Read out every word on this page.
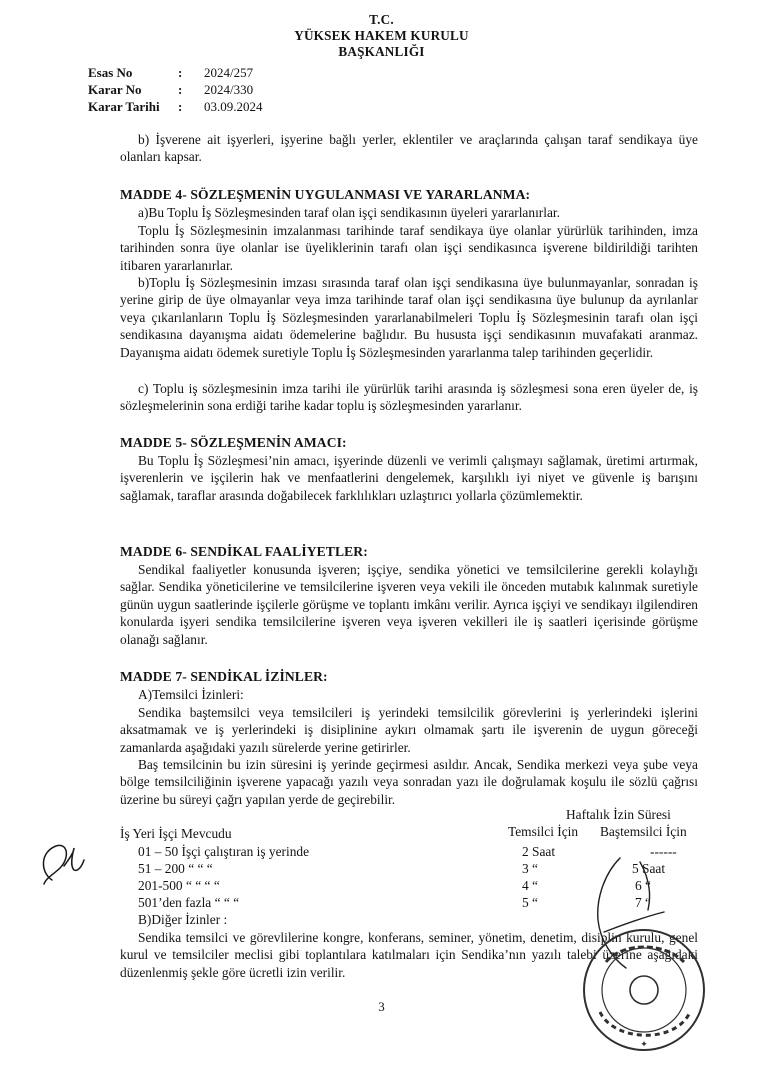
T.C.
YÜKSEK HAKEM KURULU
BAŞKANLIĞI
Esas No	:	2024/257
Karar No	:	2024/330
Karar Tarihi	:	03.09.2024
b) İşverene ait işyerleri, işyerine bağlı yerler, eklentiler ve araçlarında çalışan taraf sendikaya üye olanları kapsar.
MADDE 4- SÖZLEŞMENİN UYGULANMASI VE YARARLANMA:
a)Bu Toplu İş Sözleşmesinden taraf olan işçi sendikasının üyeleri yararlanırlar.
Toplu İş Sözleşmesinin imzalanması tarihinde taraf sendikaya üye olanlar yürürlük tarihinden, imza tarihinden sonra üye olanlar ise üyeliklerinin tarafı olan işçi sendikasınca işverene bildirildiği tarihten itibaren yararlanırlar.
b)Toplu İş Sözleşmesinin imzası sırasında taraf olan işçi sendikasına üye bulunmayanlar, sonradan iş yerine girip de üye olmayanlar veya imza tarihinde taraf olan işçi sendikasına üye bulunup da ayrılanlar veya çıkarılanların Toplu İş Sözleşmesinden yararlanabilmeleri Toplu İş Sözleşmesinin tarafı olan işçi sendikasına dayanışma aidatı ödemelerine bağlıdır. Bu hususta işçi sendikasının muvafakati aranmaz. Dayanışma aidatı ödemek suretiyle Toplu İş Sözleşmesinden yararlanma talep tarihinden geçerlidir.
c) Toplu iş sözleşmesinin imza tarihi ile yürürlük tarihi arasında iş sözleşmesi sona eren üyeler de, iş sözleşmelerinin sona erdiği tarihe kadar toplu iş sözleşmesinden yararlanır.
MADDE 5- SÖZLEŞMENİN AMACI:
Bu Toplu İş Sözleşmesi’nin amacı, işyerinde düzenli ve verimli çalışmayı sağlamak, üretimi artırmak, işverenlerin ve işçilerin hak ve menfaatlerini dengelemek, karşılıklı iyi niyet ve güvenle iş barışını sağlamak, taraflar arasında doğabilecek farklılıkları uzlaştırıcı yollarla çözümlemektir.
MADDE 6- SENDİKAL FAALİYETLER:
Sendikal faaliyetler konusunda işveren; işçiye, sendika yönetici ve temsilcilerine gerekli kolaylığı sağlar. Sendika yöneticilerine ve temsilcilerine işveren veya vekili ile önceden mutabık kalınmak suretiyle günün uygun saatlerinde işçilerle görüşme ve toplantı imkânı verilir. Ayrıca işçiyi ve sendikayı ilgilendiren konularda işyeri sendika temsilcilerine işveren veya işveren vekilleri ile iş saatleri içerisinde görüşme olanağı sağlanır.
MADDE 7- SENDİKAL İZİNLER:
A)Temsilci İzinleri:
Sendika baştemsilci veya temsilcileri iş yerindeki temsilcilik görevlerini iş yerlerindeki işlerini aksatmamak ve iş yerlerindeki iş disiplinine aykırı olmamak şartı ile işverenin de uygun göreceği zamanlarda aşağıdaki yazılı sürelerde yerine getirirler.
Baş temsilcinin bu izin süresini iş yerinde geçirmesi asıldır. Ancak, Sendika merkezi veya şube veya bölge temsilciliğinin işverene yapacağı yazılı veya sonradan yazı ile doğrulamak koşulu ile sözlü çağrısı üzerine bu süreyi çağrı yapılan yerde de geçirebilir.
Haftalık İzin Süresi
İş Yeri İşçi Mevcudu	Temsilci İçin Baştemsilci İçin
01 – 50 İşçi çalıştıran iş yerinde	2 Saat	------
51 – 200 “ “ “	3 “	5 Saat
201-500 “ “ “ “	4 “	6 “
501’den fazla “ “ “	5 “	7 “
B)Diğer İzinler :
Sendika temsilci ve görevlilerine kongre, konferans, seminer, yönetim, denetim, disiplin kurulu, genel kurul ve temsilciler meclisi gibi toplantılara katılmaları için Sendika’nın yazılı talebi üzerine aşağıdaki düzenlenmiş şekle göre ücretli izin verilir.
3
✦
